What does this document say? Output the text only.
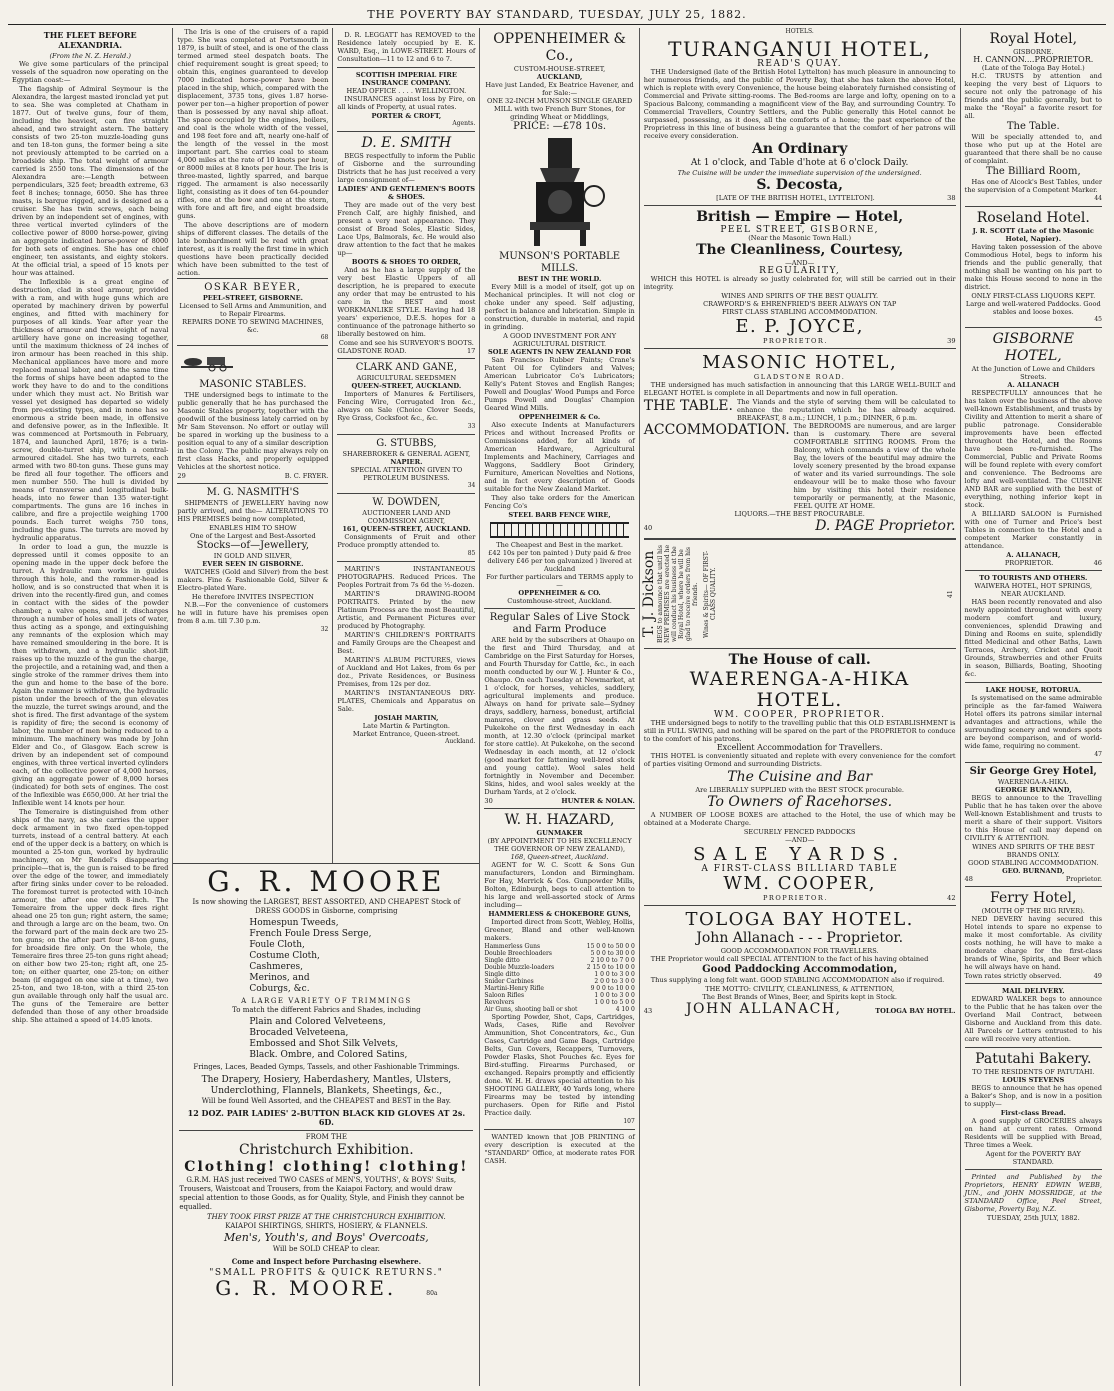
THE POVERTY BAY STANDARD, TUESDAY, JULY 25, 1882.
THE FLEET BEFORE ALEXANDRIA.
(From the N. Z. Herald.)

We give some particulars of the principal vessels of the squadron now operating on the Egyptian coast:—

The flagship of Admiral Seymour is the Alexandra, the largest masted ironclad yet put to sea. She was completed at Chatham in 1877. Out of twelve guns, four of them, including the heaviest, can fire straight ahead, and two straight astern. The battery consists of two 25-ton muzzle-loading guns and ten 18-ton guns, the former being a site not previously attempted to be carried on a broadside ship. The total weight of armour carried is 2550 tons. The dimensions of the Alexandra are:—Length between perpendiculars, 325 feet; breadth extreme, 63 feet 8 inches; tonnage, 6050. She has three masts, is barque rigged, and is designed as a cruiser. She has twin screws, each being driven by an independent set of engines, with three vertical inverted cylinders of the collective power of 8000 horse-power, giving an aggregate indicated horse-power of 8000 for both sets of engines. She has one chief engineer, ten assistants, and eighty stokers. At the official trial, a speed of 15 knots per hour was attained.

The Inflexible is a great engine of destruction, clad in steel armour, provided with a ram, and with huge guns which are operated by machinery driven by powerful engines, and fitted with machinery for purposes of all kinds. Year after year the thickness of armour and the weight of naval artillery have gone on increasing together, until the maximum thickness of 24 inches of iron armour has been reached in this ship. Mechanical appliances have more and more replaced manual labor, and at the same time the forms of ships have been adapted to the work they have to do and to the conditions under which they must act. No British war vessel yet designed has departed so widely from pre-existing types, and in none has so enormous a stride been made, in offensive and defensive power, as in the Inflexible. It was commenced at Portsmouth in February, 1874, and launched April, 1876; is a twin-screw, double-turret ship, with a central-armoured citadel. She has two turrets, each armed with two 80-ton guns. These guns may be fired all four together. The officers and men number 550. The hull is divided by means of transverse and longitudinal bulk-heads, into no fewer than 135 water-tight compartments. The guns are 16 inches in calibre, and fire a projectile weighing 1700 pounds. Each turret weighs 750 tons, including the guns. The turrets are moved by hydraulic apparatus.

In order to load a gun, the muzzle is depressed until it comes opposite to an opening made in the upper deck before the turret. A hydraulic ram works in guides through this hole, and the rammer-head is hollow, and is so constructed that when it is driven into the recently-fired gun, and comes in contact with the sides of the powder chamber, a valve opens, and it discharges through a number of holes small jets of water, thus acting as a sponge, and extinguishing any remnants of the explosion which may have remained smouldering in the bore. It is then withdrawn, and a hydraulic shot-lift raises up to the muzzle of the gun the charge, the projectile, and a retaining wad, and then a single stroke of the rammer drives them into the gun and home to the base of the bore. Again the rammer is withdrawn, the hydraulic piston under the breech of the gun elevates the muzzle, the turret swings around, and the shot is fired. The first advantage of the system is rapidity of fire; the second is economy of labor, the number of men being reduced to a minimum. The machinery was made by John Elder and Co., of Glasgow. Each screw is driven by an independent set of compound engines, with three vertical inverted cylinders each, of the collective power of 4,000 horses, giving an aggregate power of 8,000 horses (indicated) for both sets of engines. The cost of the Inflexible was £650,000. At her trial the Inflexible went 14 knots per hour.

The Temeraire is distinguished from other ships of the navy, as she carries the upper deck armament in two fixed open-topped turrets, instead of a central battery. At each end of the upper deck is a battery, on which is mounted a 25-ton gun, worked by hydraulic machinery, on Mr Rendel's disappearing principle—that is, the gun is raised to be fired over the edge of the tower, and immediately after firing sinks under cover to be reloaded. The foremost turret is protected with 10-inch armour, the after one with 8-inch. The Temeraire from the upper deck fires right ahead one 25 ton gun; right astern, the same; and through a large arc on the beam, two. On the forward part of the main deck are two 25-ton guns; on the after part four 18-ton guns, for broadside fire only. On the whole, the Temeraire fires three 25-ton guns right ahead; on either bow two 25-ton; right aft, one 25-ton; on either quarter, one 25-ton; on either beam (if engaged on one side at a time), two 25-ton, and two 18-ton, with a third 25-ton gun available through only half the usual arc. The guns of the Temeraire are better defended than those of any other broadside ship. She attained a speed of 14.05 knots.

The Iris is one of the cruisers of a rapid type. She was completed at Portsmouth in 1879, is built of steel, and is one of the class termed armed steel despatch boats. The chief requirement sought is great speed; to obtain this, engines guaranteed to develop 7000 indicated horse-power have been placed in the ship, which, compared with the displacement, 3735 tons, gives 1.87 horse-power per ton—a higher proportion of power than is possessed by any naval ship afloat. The space occupied by the engines, boilers, and coal is the whole width of the vessel, and 198 feet fore and aft, nearly one-half of the length of the vessel in the most important part. She carries coal to steam 4,000 miles at the rate of 10 knots per hour, or 8000 miles at 8 knots per hour. The Iris is three-masted, lightly sparred, and barque rigged. The armament is also necessarily light, consisting as it does of ten 64-pounder rifles, one at the bow and one at the stern, with fore and aft fire, and eight broadside guns.

The above descriptions are of modern ships of different classes. The details of the late bombardment will be read with great interest, as it is really the first time in which questions have been practically decided which have been submitted to the test of action.

OSKAR BEYER,
PEEL-STREET, GISBORNE.
Licensed to Sell Arms and Ammunition, and to Repair Firearms.
REPAIRS DONE TO SEWING MACHINES, &c.
68
MASONIC STABLES.

THE undersigned begs to intimate to the public generally that he has purchased the Masonic Stables property, together with the goodwill of the business lately carried on by Mr Sam Stevenson. No effort or outlay will be spared in working up the business to a position equal to any of a similar description in the Colony. The public may always rely on first class Hacks, and properly equipped Vehicles at the shortest notice.

29	B. C. FRYER.
M. G. NASMITH'S

SHIPMENTS of JEWELLERY having now partly arrived, and the— ALTERATIONS TO HIS PREMISES being now completed,

ENABLES HIM TO SHOW
One of the Largest and Best-Assorted
Stocks—of—Jewellery,
IN GOLD AND SILVER,
EVER SEEN IN GISBORNE.

WATCHES (Gold and Silver) from the best makers. Fine & Fashionable Gold, Silver & Electro-plated Ware.

He therefore INVITES INSPECTION

N.B.—For the convenience of customers he will in future have his premises open from 8 a.m. till 7.30 p.m.

32

D. R. LEGGATT has REMOVED to the Residence lately occupied by E. K. WARD, Esq., in LOWE-STREET. Hours of Consultation—11 to 12 and 6 to 7.

SCOTTISH IMPERIAL FIRE INSURANCE COMPANY.
HEAD OFFICE . . . . WELLINGTON.

INSURANCES against loss by Fire, on all kinds of Property, at usual rates.

PORTER & CROFT,
Agents.
D. E. SMITH

BEGS respectfully to inform the Public of Gisborne and the surrounding Districts that he has just received a very large consignment of—

LADIES' AND GENTLEMEN'S BOOTS & SHOES.

They are made out of the very best French Calf, are highly finished, and present a very neat appearance. They consist of Broad Soles, Elastic Sides, Lace Ups, Balmorals, &c. He would also draw attention to the fact that he makes up—

BOOTS & SHOES TO ORDER,

And as he has a large supply of the very best Elastic Uppers of all description, he is prepared to execute any order that may be entrusted to his care in the BEST and most WORKMANLIKE STYLE. Having had 18 years' experience, D.E.S. hopes for a continuance of the patronage hitherto so liberally bestowed on him.

Come and see his SURVEYOR'S BOOTS.
GLADSTONE ROAD.	17
CLARK AND GANE,
AGRICULTURAL SEEDSMEN
QUEEN-STREET, AUCKLAND.

Importers of Manures & Fertilisers, Fencing Wire, Corrugated Iron &c., always on Sale (Choice Clover Seeds, Rye Grass, Cocksfoot &c., &c.

33
G. STUBBS,
SHAREBROKER & GENERAL AGENT,
NAPIER.
SPECIAL ATTENTION GIVEN TO PETROLEUM BUSINESS.
34
W. DOWDEN,
AUCTIONEER LAND AND COMMISSION AGENT,
161, QUEEN-STREET, AUCKLAND.

Consignments of Fruit and other Produce promptly attended to.

85

MARTIN'S INSTANTANEOUS PHOTOGRAPHS. Reduced Prices. The Peoples Portrait from 7s 6d the ½-dozen.

MARTIN'S DRAWING-ROOM PORTRAITS. Printed by the new Platinum Process are the most Beautiful, Artistic, and Permanent Pictures ever produced by Photography.

MARTIN'S CHILDREN'S PORTRAITS and Family Groups are the Cheapest and Best.

MARTIN'S ALBUM PICTURES, views of Auckland and Hot Lakes, from 6s per doz., Private Residences, or Business Premises, from 12s per doz.

MARTIN'S INSTANTANEOUS DRY-PLATES, Chemicals and Apparatus on Sale.

JOSIAH MARTIN,
Late Martin & Partington.
Market Entrance, Queen-street.
Auckland.
G. R. MOORE
Is now showing the LARGEST, BEST ASSORTED, AND CHEAPEST Stock of DRESS GOODS in Gisborne, comprising
Homespun Tweeds,
French Foule Dress Serge,
Foule Cloth,
Costume Cloth,
Cashmeres,
Merinos, and
Coburgs, &c.
A LARGE VARIETY OF TRIMMINGS
To match the different Fabrics and Shades, including
Plain and Colored Velveteens,
Brocaded Velveteena,
Embossed and Shot Silk Velvets,
Black. Ombre, and Colored Satins,
Fringes, Laces, Beaded Gymps, Tassels, and other Fashionable Trimmings.
The Drapery, Hosiery, Haberdashery, Mantles, Ulsters, Underclothing, Flannels, Blankets, Sheetings, &c.,
Will be found Well Assorted, and the CHEAPEST and BEST in the Bay.
12 DOZ. PAIR LADIES' 2-BUTTON BLACK KID GLOVES AT 2s. 6D.
FROM THE
Christchurch Exhibition.
Clothing! clothing! clothing!

G.R.M. HAS just received TWO CASES of MEN'S, YOUTHS', & BOYS' Suits, Trousers, Waistcoat and Trousers, from the Kaiapoi Factory, and would draw special attention to those Goods, as for Quality, Style, and Finish they cannot be equalled.

THEY TOOK FIRST PRIZE AT THE CHRISTCHURCH EXHIBITION.
KAIAPOI SHIRTINGS, SHIRTS, HOSIERY, & FLANNELS.
Men's, Youth's, and Boys' Overcoats,
Will be SOLD CHEAP to clear.
Come and Inspect before Purchasing elsewhere.
"SMALL PROFITS & QUICK RETURNS."
G. R. MOORE.	80a
OPPENHEIMER & Co.,
CUSTOM-HOUSE-STREET,
AUCKLAND,
Have just Landed, Ex Beatrice Havener, and for Sale:—
ONE 32-INCH MUNSON SINGLE GEARED MILL with two French Burr Stones, for grinding Wheat or Middlings,
PRICE: —£78 10s.
MUNSON'S PORTABLE MILLS.
BEST IN THE WORLD.

Every Mill is a model of itself, got up on Mechanical principles. It will not clog or choke under any speed. Self adjusting, perfect in balance and lubrication. Simple in construction, durable in material, and rapid in grinding.

A GOOD INVESTMENT FOR ANY AGRICULTURAL DISTRICT.
SOLE AGENTS IN NEW ZEALAND FOR

San Francisco Rubber Paints; Crane's Patent Oil for Cylinders and Valves; American Lubricator Co's Lubricators; Kelly's Patent Stoves and English Ranges; Powell and Douglas' Wood Pumps and Force Pumps Powell and Douglas' Champion Geared Wind Mills.

OPPENHEIMER & Co.

Also execute Indents at Manufacturers Prices and without Increased Profits or Commissions added, for all kinds of American Hardware, Agricultural Implements and Machinery, Carriages and Waggons, Saddlery Boot Grindery, Furniture, American Novelties and Notions, and in fact every description of Goods suitable for the New Zealand Market.

They also take orders for the American Fencing Co's

STEEL BARB FENCE WIRE,
The Cheapest and Best in the market.
£42 10s per ton painted ) Duty paid & free delivery £46 per ton galvanized ) livered at Auckland
For further particulars and TERMS apply to—
OPPENHEIMER & CO.
Customhouse-street, Auckland.
Regular Sales of Live Stock and Farm Produce

ARE held by the subscribers at Ohaupo on the first and Third Thursday, and at Cambridge on the First Saturday for Horses, and Fourth Thursday for Cattle, &c., in each month conducted by our W. J. Hunter & Co., Ohaupo. On each Tuesday at Newmarket, at 1 o'clock, for horses, vehicles, saddlery, agricultural implements and produce. Always on hand for private sale—Sydney drays, saddlery, harness, bonedust, artificial manures, clover and grass seeds. At Pukekohe on the first Wednesday in each month, at 12.30 o'clock (principal market for store cattle). At Pukekohe, on the second Wednesday in each month, at 12 o'clock (good market for fattening well-bred stock and young cattle). Wool sales held fortnightly in November and December. Skins, hides, and wool sales weekly at the Durham Yards, at 2 o'clock.

30	HUNTER & NOLAN.
W. H. HAZARD,
GUNMAKER
(BY APPOINTMENT TO HIS EXCELLENCY THE GOVERNOR OF NEW ZEALAND),
168, Queen-street, Auckland.

AGENT for W. C. Scott & Sons Gun manufacturers, London and Birmingham. For Hay, Merrick & Cos. Gunpowder Mills, Bolton, Edinburgh, begs to call attention to his large and well-assorted stock of Arms including—

HAMMERLESS & CHOKEBORE GUNS,

Imported direct from Scott, Webley, Hollis, Greener, Bland and other well-known makers.

Hammerless Guns	15 0 0 to 50 0 0
Double Breechloaders	5 0 0 to 30 0 0
Single ditto	2 10 0 to 7 0 0
Double Muzzle-loaders	2 15 0 to 10 0 0
Single ditto	1 0 0 to 3 0 0
Snider Carbines	2 0 0 to 3 0 0
Martini-Henry Rifle	9 0 0 to 10 0 0
Saloon Rifles	1 0 0 to 3 0 0
Revolvers	1 0 0 to 5 0 0
Air Guns, shooting ball or shot	4 10 0

Sporting Powder, Shot, Caps, Cartridges, Wads, Cases, Rifle and Revolver Ammunition, Shot Concentrators, &c., Gun Cases, Cartridge and Game Bags, Cartridge Belts, Gun Covers, Recappers, Turnovers, Powder Flasks, Shot Pouches &c. Eyes for Bird-stuffing. Firearms Purchased, or exchanged. Repairs promptly and efficiently done. W. H. H. draws special attention to his SHOOTING GALLERY, 40 Yards long, where Firearms may be tested by intending purchasers. Open for Rifle and Pistol Practice daily.

107

WANTED known that JOB PRINTING of every description is executed at the "STANDARD" Office, at moderate rates FOR CASH.

HOTELS.
TURANGANUI HOTEL,
READ'S QUAY.

THE Undersigned (late of the British Hotel Lyttelton) has much pleasure in announcing to her numerous friends, and the public of Poverty Bay, that she has taken the above Hotel, which is replete with every Convenience, the house being elaborately furnished consisting of Commercial and Private sitting-rooms. The Bed-rooms are large and lofty, opening on to a Spacious Balcony, commanding a magnificent view of the Bay, and surrounding Country. To Commercial Travellers, Country Settlers, and the Public generally this Hotel cannot be surpassed, possessing, as it does, all the comforts of a home; the past experience of the Proprietress in this line of business being a guarantee that the comfort of her patrons will receive every consideration.

An Ordinary
At 1 o'clock, and Table d'hote at 6 o'clock Daily.
The Cuisine will be under the immediate supervision of the undersigned.
S. Decosta,
[LATE OF THE BRITISH HOTEL, LYTTELTON].	38
British — Empire — Hotel,
PEEL STREET, GISBORNE,
(Near the Masonic Town Hall.)
The Cleanliness, Courtesy,
—AND—
REGULARITY,

WHICH this HOTEL is already so justly celebrated for, will still be carried out in their integrity.

WINES AND SPIRITS OF THE BEST QUALITY.
CRAWFORD'S & EHRENFRIED'S BEER ALWAYS ON TAP
FIRST CLASS STABLING ACCOMMODATION.
E. P. JOYCE,
PROPRIETOR.	39
MASONIC HOTEL,
GLADSTONE ROAD.

THE undersigned has much satisfaction in announcing that this LARGE WELL-BUILT and ELEGANT HOTEL is complete in all Departments and now in full operation.

THE TABLE. The Viands and the style of serving them will be calculated to enhance the reputation which he has already acquired. BREAKFAST, 8 a.m.; LUNCH, 1 p.m.; DINNER, 6 p.m.
ACCOMMODATION. The BEDROOMS are numerous, and are larger than is customary. There are several COMFORTABLE SITTING ROOMS. From the Balcony, which commands a view of the whole Bay, the lovers of the beautiful may admire the lovely scenery presented by the broad expanse of water and its varied surroundings. The sole endeavour will be to make those who favour him by visiting this hotel their residence temporarily or permanently, at the Masonic, FEEL QUITE AT HOME.
LIQUORS.—THE BEST PROCURABLE.
40	D. PAGE Proprietor.
T. J. Dickson BEGS to announce that until his NEW PREMISES are erected he will conduct his business at the Royal Hotel, where he will be glad to receive orders from his friends. Wines & Spirits— OF FIRST-CLASS QUALITY.	41
The House of call.
WAERENGA-A-HIKA HOTEL.
WM. COOPER, PROPRIETOR.

THE undersigned begs to notify to the travelling public that this OLD ESTABLISHMENT is still in FULL SWING, and nothing will be spared on the part of the PROPRIETOR to conduce to the comfort of his patrons.

Excellent Accommodation for Travellers.

THIS HOTEL is conveniently situated and replete with every convenience for the comfort of parties visiting Ormond and surrounding Districts.

The Cuisine and Bar
Are LIBERALLY SUPPLIED with the BEST STOCK procurable.
To Owners of Racehorses.

A NUMBER OF LOOSE BOXES are attached to the Hotel, the use of which may be obtained at a Moderate Charge.

SECURELY FENCED PADDOCKS
—AND—
SALE YARDS.
A FIRST-CLASS BILLIARD TABLE
WM. COOPER,
PROPRIETOR.	42
TOLOGA BAY HOTEL.
John Allanach - - - Proprietor.
GOOD ACCOMMODATION FOR TRAVELLERS.

THE Proprietor would call SPECIAL ATTENTION to the fact of his having obtained

Good Paddocking Accommodation,

Thus supplying a long felt want. GOOD STABLING ACCOMMODATION also if required.

THE MOTTO: CIVILITY, CLEANLINESS, & ATTENTION,
The Best Brands of Wines, Beer, and Spirits kept in Stock.
43 JOHN ALLANACH,	TOLOGA BAY HOTEL.
Royal Hotel,
GISBORNE.
H. CANNON....PROPRIETOR.
(Late of the Tologa Bay Hotel.)

H.C. TRUSTS by attention and keeping the very best of Liquors to secure not only the patronage of his friends and the public generally, but to make the "Royal" a favorite resort for all.

The Table.

Will be specially attended to, and those who put up at the Hotel are guaranteed that there shall be no cause of complaint.

The Billiard Room,

Has one of Alcock's Best Tables, under the supervision of a Competent Marker.

44
Roseland Hotel.
J. R. SCOTT (Late of the Masonic Hotel, Napier).

Having taken possession of the above Commodious Hotel, begs to inform his friends and the public generally, that nothing shall be wanting on his part to make this House second to none in the district.

ONLY FIRST-CLASS LIQUORS KEPT.
Large and well-watered Paddocks. Good stables and loose boxes.
45
GISBORNE HOTEL,
At the Junction of Lowe and Childers Streets.
A. ALLANACH

RESPECTFULLY announces that he has taken over the business of the above well-known Establishment, and trusts by Civility and Attention to merit a share of public patronage. Considerable improvements have been effected throughout the Hotel, and the Rooms have been re-furnished. The Commercial, Public and Private Rooms will be found replete with every comfort and convenience. The Bedrooms are lofty and well-ventilated. The CUISINE AND BAR are supplied with the best of everything, nothing inferior kept in stock.

A BILLIARD SALOON is Furnished with one of Turner and Price's best Tables in connection to the Hotel and a competent Marker constantly in attendance.

A. ALLANACH,
PROPRIETOR.	46
TO TOURISTS AND OTHERS.
WAIWERA HOTEL, HOT SPRINGS,
NEAR AUCKLAND.

HAS been recently renovated and also newly appointed throughout with every modern comfort and luxury, conveniences, splendid Drawing and Dining and Rooms en suite, splendidly fitted Medicinal and other Baths, Lawn Terraces, Archery, Cricket and Quoit Grounds, Strawberries and other Fruits in season, Billiards, Boating, Shooting &c.

LAKE HOUSE, ROTORUA.

Is systematised on the same admirable principle as the far-famed Waiwera Hotel offers its patrons similar internal advantages and attractions, while the surrounding scenery and wonders spots are beyond comparison, and of world-wide fame, requiring no comment.

47
Sir George Grey Hotel,
WAERENGA-A-HIKA.
GEORGE BURNAND,

BEGS to announce to the Travelling Public that he has taken over the above Well-known Establishment and trusts to merit a share of their support. Visitors to this House of call may depend on CIVILITY & ATTENTION.

WINES AND SPIRITS OF THE BEST BRANDS ONLY.
GOOD STABLING ACCOMMODATION.
GEO. BURNAND,
48	Proprietor.
Ferry Hotel,
(MOUTH OF THE BIG RIVER).

NED DEVERY having secured this Hotel intends to spare no expense to make it most comfortable. As civility costs nothing, he will have to make a moderate charge for the first-class brands of Wine, Spirits, and Beer which he will always have on hand.

Town rates strictly observed.	49
MAIL DELIVERY.

EDWARD WALKER begs to announce to the Public that he has taken over the Overland Mail Contract, between Gisborne and Auckland from this date. All Parcels or Letters entrusted to his care will receive very attention.

Patutahi Bakery.
TO THE RESIDENTS OF PATUTAHI.
LOUIS STEVENS

BEGS to announce that he has opened a Baker's Shop, and is now in a position to supply—

First-class Bread.

A good supply of GROCERIES always on hand at current rates. Ormond Residents will be supplied with Bread, Three times a Week.

Agent for the POVERTY BAY STANDARD.

Printed and Published by the Proprietors, HENRY EDWIN WEBB, JUN., and JOHN MOSSRIDGE, at the STANDARD Office, Peel Street, Gisborne, Poverty Bay, N.Z.

TUESDAY, 25th JULY, 1882.
